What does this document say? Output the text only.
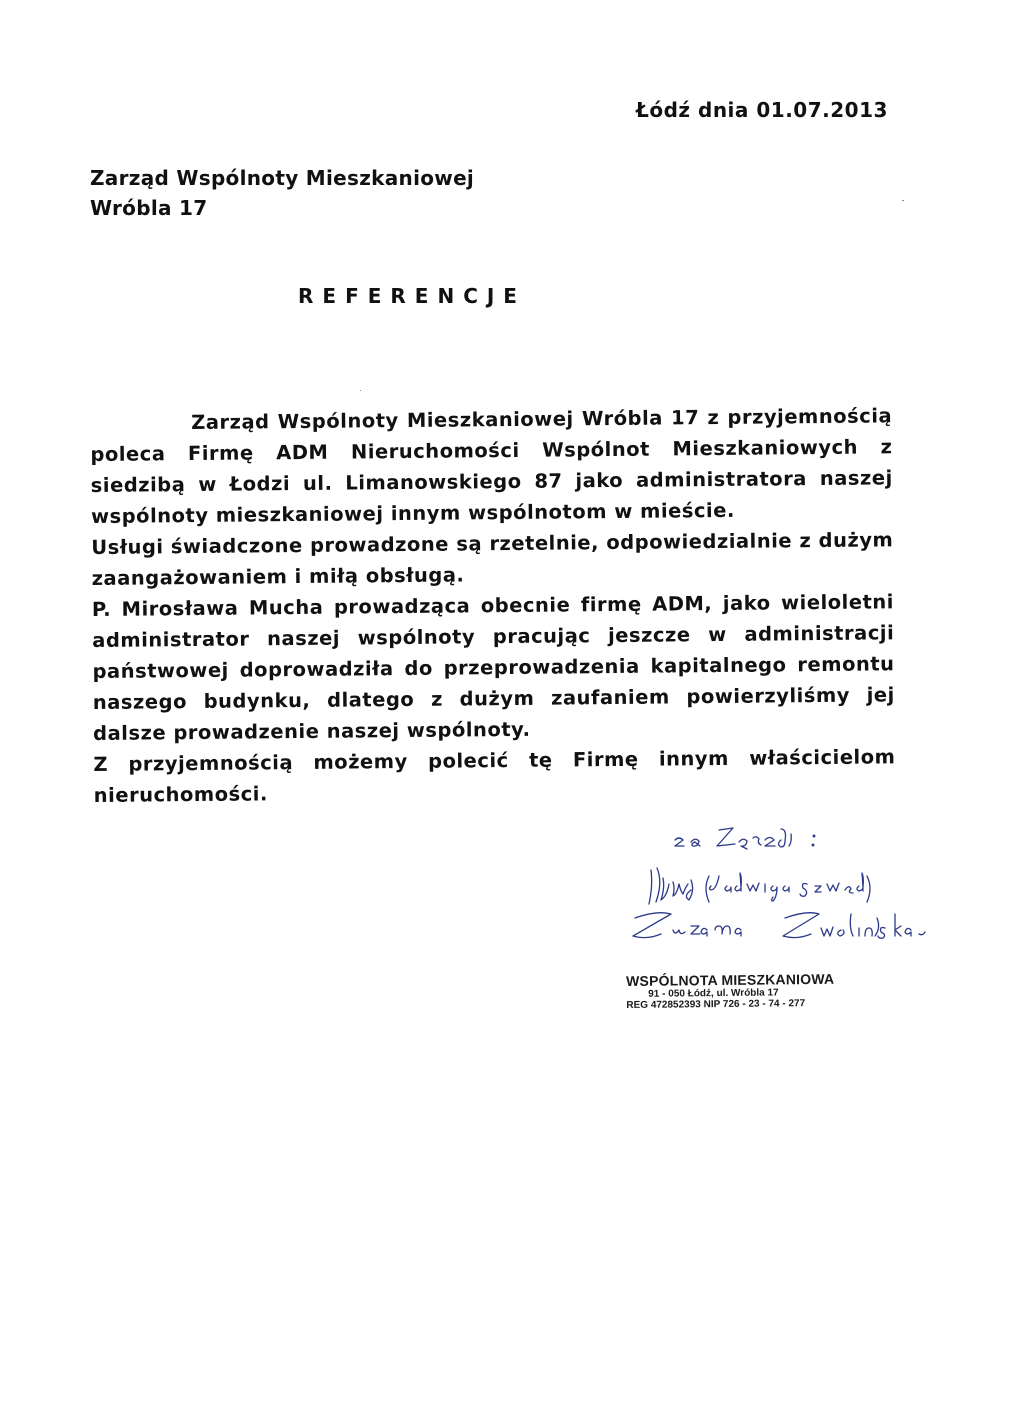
Łódź dnia 01.07.2013
Zarząd Wspólnoty Mieszkaniowej
Wróbla 17
REFERENCJE

Zarząd Wspólnoty Mieszkaniowej Wróbla 17 z przyjemnością poleca Firmę ADM Nieruchomości Wspólnot Mieszkaniowych z siedzibą w Łodzi ul. Limanowskiego 87 jako administratora naszej wspólnoty mieszkaniowej innym wspólnotom w mieście.

Usługi świadczone prowadzone są rzetelnie, odpowiedzialnie z dużym zaangażowaniem i miłą obsługą.

P. Mirosława Mucha prowadząca obecnie firmę ADM, jako wieloletni administrator naszej wspólnoty pracując jeszcze w administracji państwowej doprowadziła do przeprowadzenia kapitalnego remontu naszego budynku, dlatego z dużym zaufaniem powierzyliśmy jej dalsze prowadzenie naszej wspólnoty.

Z przyjemnością możemy polecić tę Firmę innym właścicielom nieruchomości.

WSPÓLNOTA MIESZKANIOWA
91 - 050 Łódź, ul. Wróbla 17
REG 472852393 NIP 726 - 23 - 74 - 277
